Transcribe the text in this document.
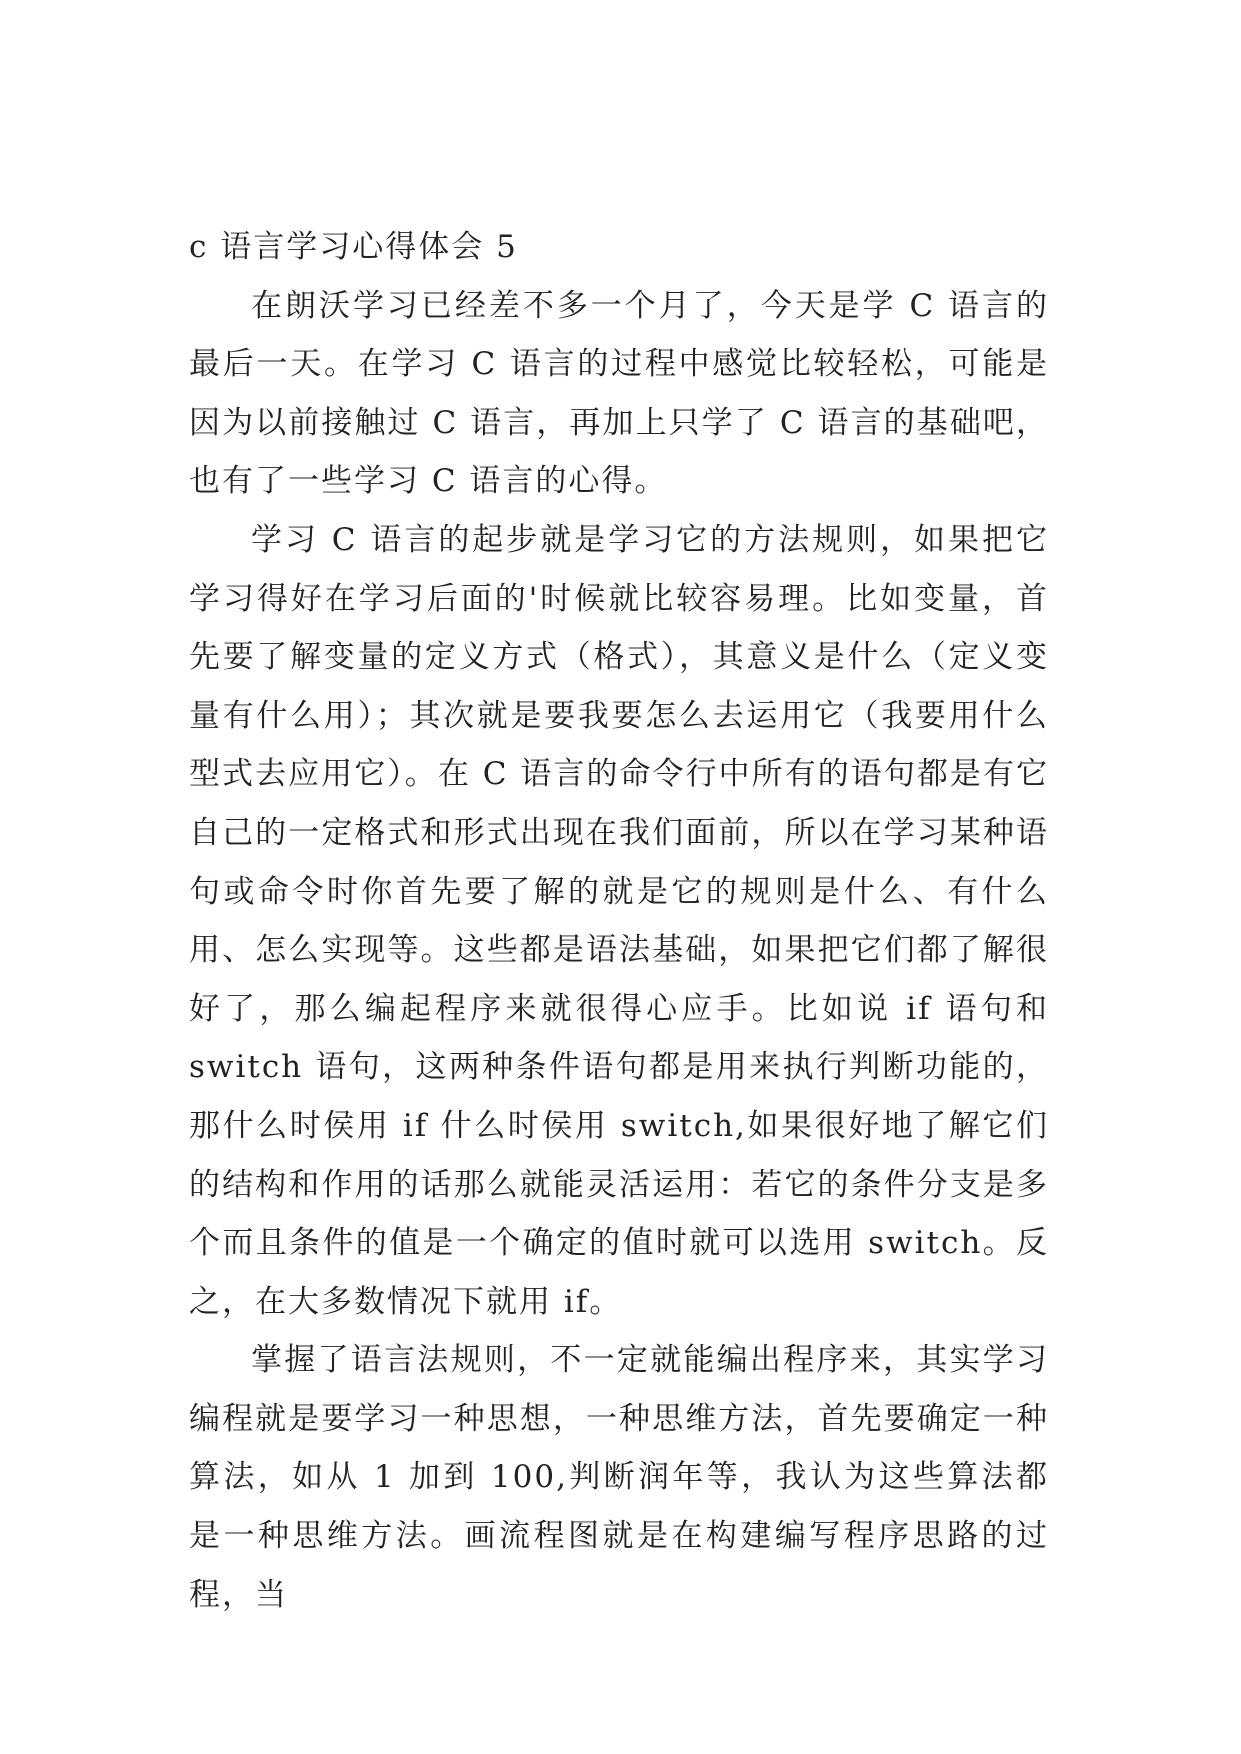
c 语言学习心得体会 5

在朗沃学习已经差不多一个月了，今天是学 C 语言的最后一天。在学习 C 语言的过程中感觉比较轻松，可能是因为以前接触过 C 语言，再加上只学了 C 语言的基础吧，也有了一些学习 C 语言的心得。

学习 C 语言的起步就是学习它的方法规则，如果把它学习得好在学习后面的'时候就比较容易理。比如变量，首先要了解变量的定义方式（格式），其意义是什么（定义变量有什么用）；其次就是要我要怎么去运用它（我要用什么型式去应用它）。在 C 语言的命令行中所有的语句都是有它自己的一定格式和形式出现在我们面前，所以在学习某种语句或命令时你首先要了解的就是它的规则是什么、有什么用、怎么实现等。这些都是语法基础，如果把它们都了解很好了，那么编起程序来就很得心应手。比如说 if 语句和 switch 语句，这两种条件语句都是用来执行判断功能的，那什么时侯用 if 什么时侯用 switch,如果很好地了解它们的结构和作用的话那么就能灵活运用：若它的条件分支是多个而且条件的值是一个确定的值时就可以选用 switch。反之，在大多数情况下就用 if。

掌握了语言法规则，不一定就能编出程序来，其实学习编程就是要学习一种思想，一种思维方法，首先要确定一种算法，如从 1 加到 100,判断润年等，我认为这些算法都是一种思维方法。画流程图就是在构建编写程序思路的过程，当
